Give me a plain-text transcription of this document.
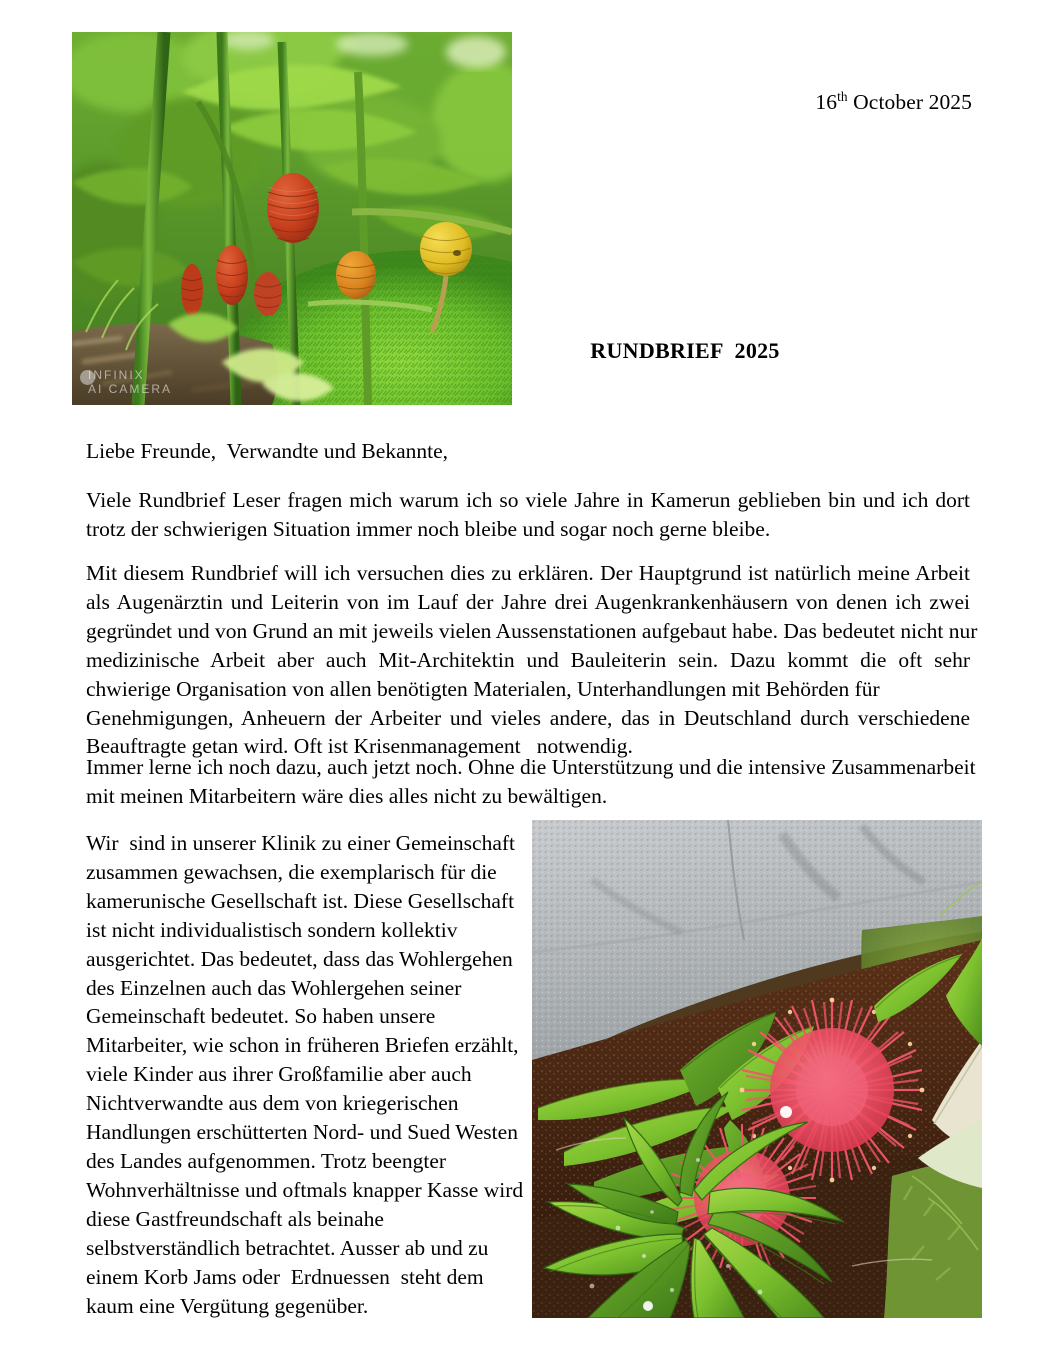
INFINIX
AI CAMERA
16th October 2025
RUNDBRIEF  2025
Liebe Freunde,  Verwandte und Bekannte,
Viele Rundbrief Leser fragen mich warum ich so viele Jahre in Kamerun geblieben bin und ich dort
trotz der schwierigen Situation immer noch bleibe und sogar noch gerne bleibe.
Mit diesem Rundbrief will ich versuchen dies zu erklären. Der Hauptgrund ist natürlich meine Arbeit
als Augenärztin und Leiterin von im Lauf der Jahre drei Augenkrankenhäusern von denen ich zwei
gegründet und von Grund an mit jeweils vielen Aussenstationen aufgebaut habe. Das bedeutet nicht nur
medizinische Arbeit aber auch Mit-Architektin und Bauleiterin sein. Dazu kommt die oft sehr
chwierige Organisation von allen benötigten Materialen, Unterhandlungen mit Behörden für
Genehmigungen, Anheuern der Arbeiter und vieles andere, das in Deutschland durch verschiedene
Beauftragte getan wird. Oft ist Krisenmanagement   notwendig.
Immer lerne ich noch dazu, auch jetzt noch. Ohne die Unterstützung und die intensive Zusammenarbeit
mit meinen Mitarbeitern wäre dies alles nicht zu bewältigen.
Wir  sind in unserer Klinik zu einer Gemeinschaft
zusammen gewachsen, die exemplarisch für die
kamerunische Gesellschaft ist. Diese Gesellschaft
ist nicht individualistisch sondern kollektiv
ausgerichtet. Das bedeutet, dass das Wohlergehen
des Einzelnen auch das Wohlergehen seiner
Gemeinschaft bedeutet. So haben unsere
Mitarbeiter, wie schon in früheren Briefen erzählt,
viele Kinder aus ihrer Großfamilie aber auch
Nichtverwandte aus dem von kriegerischen
Handlungen erschütterten Nord- und Sued Westen
des Landes aufgenommen. Trotz beengter
Wohnverhältnisse und oftmals knapper Kasse wird
diese Gastfreundschaft als beinahe
selbstverständlich betrachtet. Ausser ab und zu
einem Korb Jams oder  Erdnuessen  steht dem
kaum eine Vergütung gegenüber.
